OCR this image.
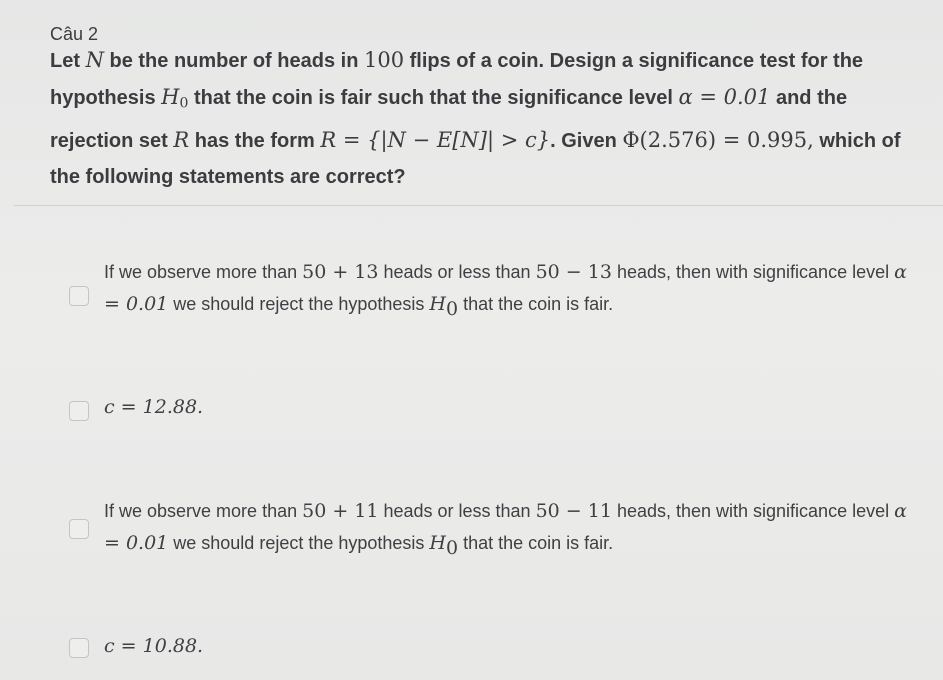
Câu 2
Let N be the number of heads in 100 flips of a coin. Design a significance test for the hypothesis $H_0$ that the coin is fair such that the significance level α = 0.01 and the rejection set R has the form R = {|N − E[N]| > c}. Given Φ(2.576) = 0.995, which of the following statements are correct?
If we observe more than 50 + 13 heads or less than 50 − 13 heads, then with significance level α = 0.01 we should reject the hypothesis H0 that the coin is fair.
c = 12.88.
If we observe more than 50 + 11 heads or less than 50 − 11 heads, then with significance level α = 0.01 we should reject the hypothesis H0 that the coin is fair.
c = 10.88.
